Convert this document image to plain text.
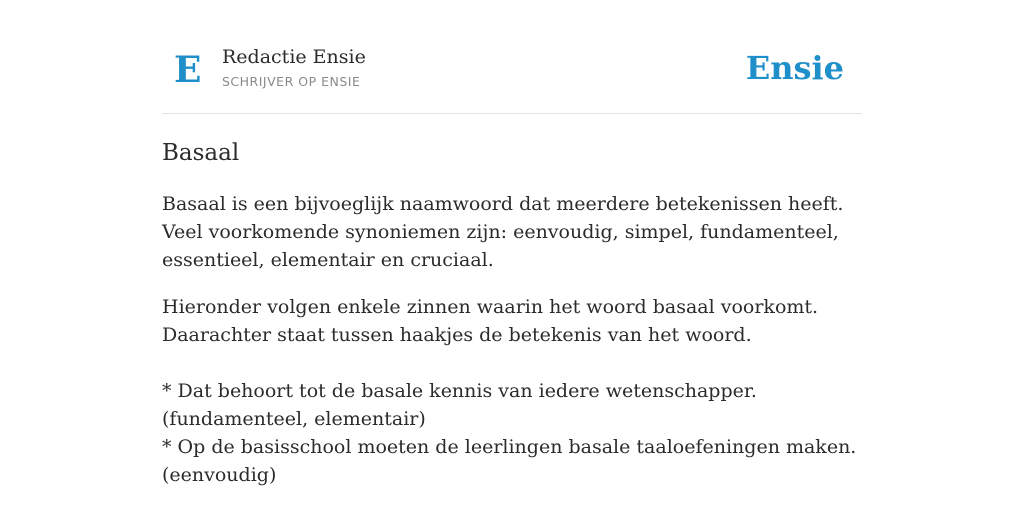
E Redactie Ensie
SCHRIJVER OP ENSIE	Ensie
Basaal

Basaal is een bijvoeglijk naamwoord dat meerdere betekenissen heeft. Veel voorkomende synoniemen zijn: eenvoudig, simpel, fundamenteel, essentieel, elementair en cruciaal.

Hieronder volgen enkele zinnen waarin het woord basaal voorkomt. Daarachter staat tussen haakjes de betekenis van het woord.

* Dat behoort tot de basale kennis van iedere wetenschapper. (fundamenteel, elementair)
* Op de basisschool moeten de leerlingen basale taaloefeningen maken. (eenvoudig)
